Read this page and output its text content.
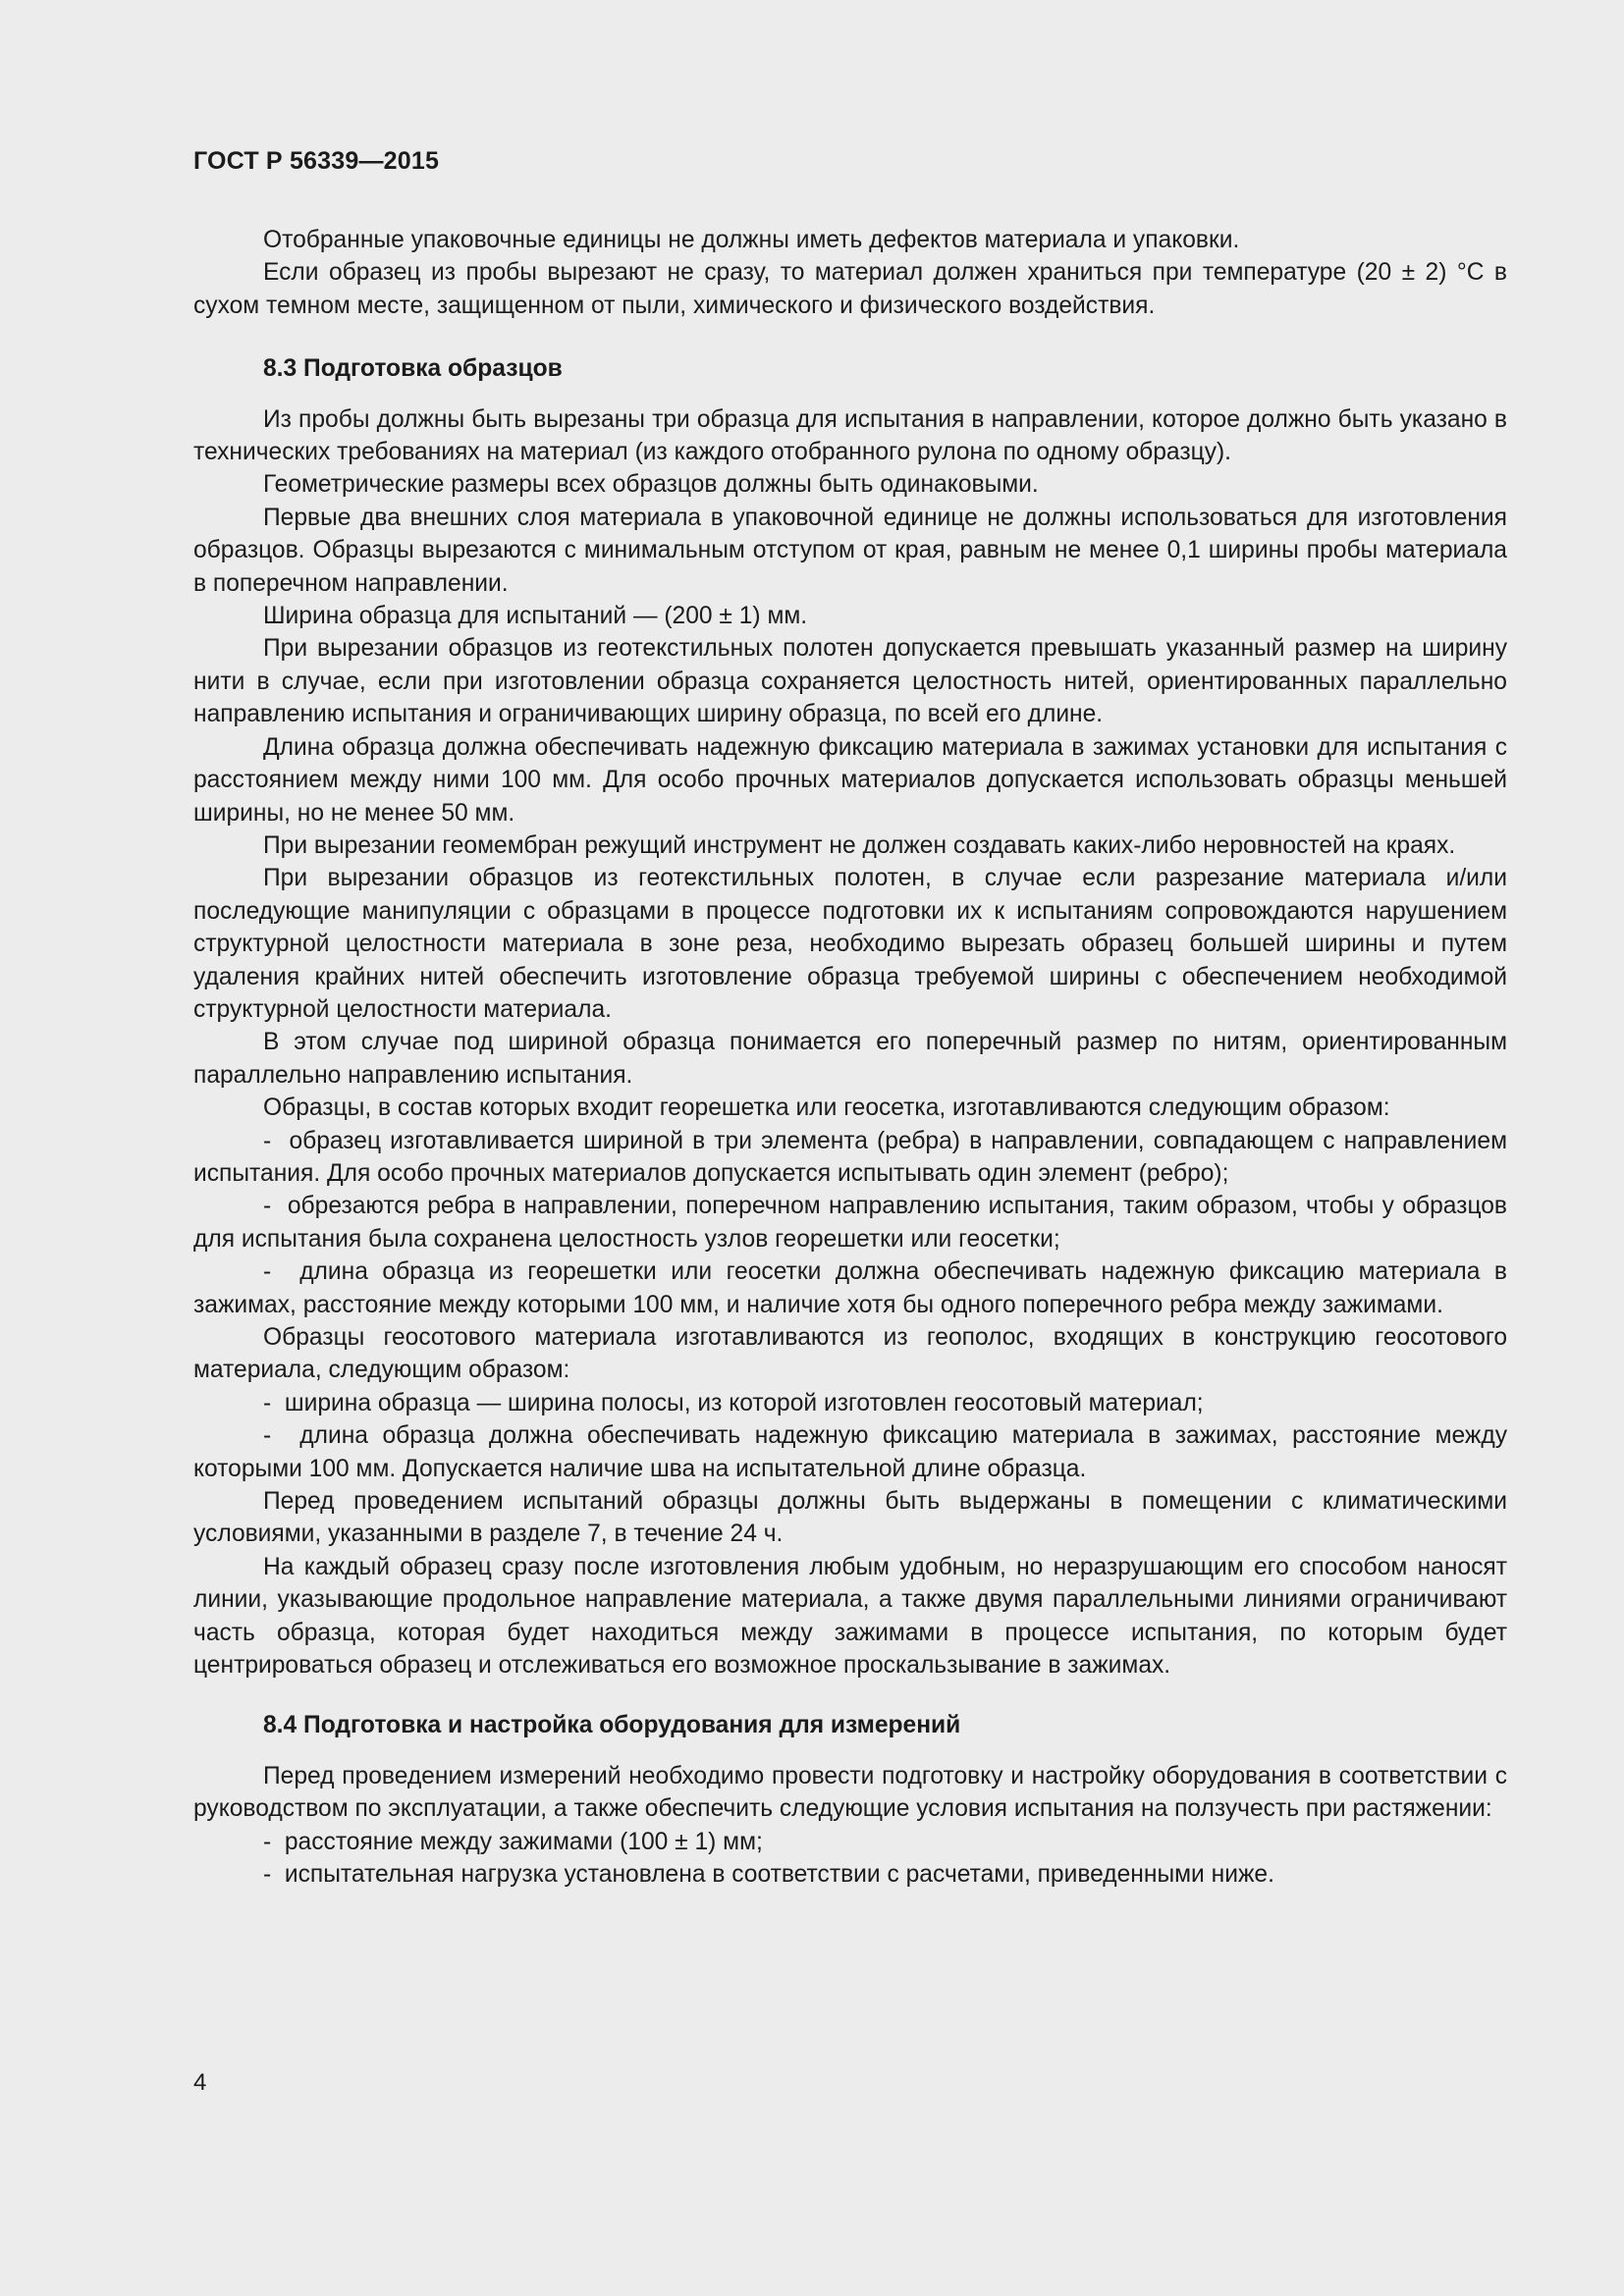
ГОСТ Р 56339—2015

Отобранные упаковочные единицы не должны иметь дефектов материала и упаковки.

Если образец из пробы вырезают не сразу, то материал должен храниться при температуре (20 ± 2) °С в сухом темном месте, защищенном от пыли, химического и физического воздействия.

8.3 Подготовка образцов

Из пробы должны быть вырезаны три образца для испытания в направлении, которое должно быть указано в технических требованиях на материал (из каждого отобранного рулона по одному образцу).

Геометрические размеры всех образцов должны быть одинаковыми.

Первые два внешних слоя материала в упаковочной единице не должны использоваться для изготовления образцов. Образцы вырезаются с минимальным отступом от края, равным не менее 0,1 ширины пробы материала в поперечном направлении.

Ширина образца для испытаний — (200 ± 1) мм.

При вырезании образцов из геотекстильных полотен допускается превышать указанный размер на ширину нити в случае, если при изготовлении образца сохраняется целостность нитей, ориентированных параллельно направлению испытания и ограничивающих ширину образца, по всей его длине.

Длина образца должна обеспечивать надежную фиксацию материала в зажимах установки для испытания с расстоянием между ними 100 мм. Для особо прочных материалов допускается использовать образцы меньшей ширины, но не менее 50 мм.

При вырезании геомембран режущий инструмент не должен создавать каких-либо неровностей на краях.

При вырезании образцов из геотекстильных полотен, в случае если разрезание материала и/или последующие манипуляции с образцами в процессе подготовки их к испытаниям сопровождаются нарушением структурной целостности материала в зоне реза, необходимо вырезать образец большей ширины и путем удаления крайних нитей обеспечить изготовление образца требуемой ширины с обеспечением необходимой структурной целостности материала.

В этом случае под шириной образца понимается его поперечный размер по нитям, ориентированным параллельно направлению испытания.

Образцы, в состав которых входит георешетка или геосетка, изготавливаются следующим образом:

- образец изготавливается шириной в три элемента (ребра) в направлении, совпадающем с направлением испытания. Для особо прочных материалов допускается испытывать один элемент (ребро);

- обрезаются ребра в направлении, поперечном направлению испытания, таким образом, чтобы у образцов для испытания была сохранена целостность узлов георешетки или геосетки;

- длина образца из георешетки или геосетки должна обеспечивать надежную фиксацию материала в зажимах, расстояние между которыми 100 мм, и наличие хотя бы одного поперечного ребра между зажимами.

Образцы геосотового материала изготавливаются из геополос, входящих в конструкцию геосотового материала, следующим образом:

- ширина образца — ширина полосы, из которой изготовлен геосотовый материал;

- длина образца должна обеспечивать надежную фиксацию материала в зажимах, расстояние между которыми 100 мм. Допускается наличие шва на испытательной длине образца.

Перед проведением испытаний образцы должны быть выдержаны в помещении с климатическими условиями, указанными в разделе 7, в течение 24 ч.

На каждый образец сразу после изготовления любым удобным, но неразрушающим его способом наносят линии, указывающие продольное направление материала, а также двумя параллельными линиями ограничивают часть образца, которая будет находиться между зажимами в процессе испытания, по которым будет центрироваться образец и отслеживаться его возможное проскальзывание в зажимах.

8.4 Подготовка и настройка оборудования для измерений

Перед проведением измерений необходимо провести подготовку и настройку оборудования в соответствии с руководством по эксплуатации, а также обеспечить следующие условия испытания на ползучесть при растяжении:

- расстояние между зажимами (100 ± 1) мм;

- испытательная нагрузка установлена в соответствии с расчетами, приведенными ниже.

4
